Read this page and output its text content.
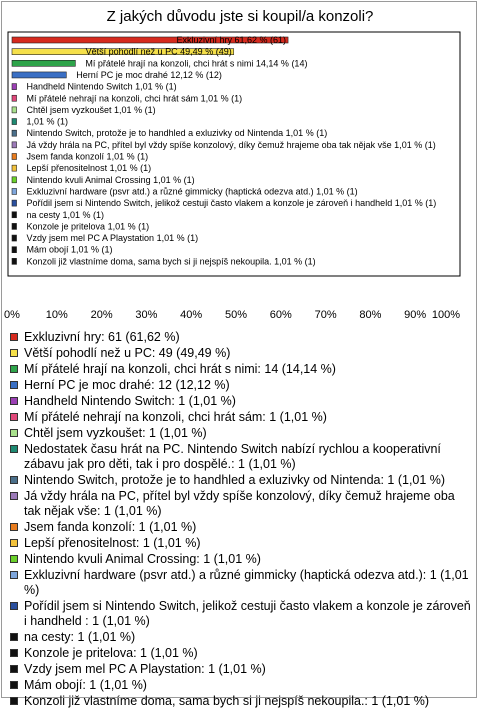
Z jakých důvodu jste si koupil/a konzoli?
Exkluzivní hry 61,62 % (61)
Větší pohodlí než u PC 49,49 % (49)
Mí přátelé hrají na konzoli, chci hrát s nimi 14,14 % (14)
Herní PC je moc drahé 12,12 % (12)
Handheld Nintendo Switch 1,01 % (1)
Mí přátelé nehrají na konzoli, chci hrát sám 1,01 % (1)
Chtěl jsem vyzkoušet 1,01 % (1)
1,01 % (1)
Nintendo Switch, protože je to handhled a exluzivky od Nintenda 1,01 % (1)
Já vždy hrála na PC, přítel byl vždy spíše konzolový, díky čemuž hrajeme oba tak nějak vše 1,01 % (1)
Jsem fanda konzolí 1,01 % (1)
Lepší přenositelnost 1,01 % (1)
Nintendo kvuli Animal Crossing 1,01 % (1)
Exkluzivní hardware (psvr atd.) a různé gimmicky (haptická odezva atd.) 1,01 % (1)
Pořídil jsem si Nintendo Switch, jelikož cestuji často vlakem a konzole je zároveň i handheld 1,01 % (1)
na cesty 1,01 % (1)
Konzole je pritelova 1,01 % (1)
Vzdy jsem mel PC A Playstation 1,01 % (1)
Mám obojí 1,01 % (1)
Konzoli již vlastníme doma, sama bych si ji nejspíš nekoupila. 1,01 % (1)
0% 10% 20% 30% 40% 50% 60% 70% 80% 90% 100%
Exkluzivní hry: 61 (61,62 %)
Větší pohodlí než u PC: 49 (49,49 %)
Mí přátelé hrají na konzoli, chci hrát s nimi: 14 (14,14 %)
Herní PC je moc drahé: 12 (12,12 %)
Handheld Nintendo Switch: 1 (1,01 %)
Mí přátelé nehrají na konzoli, chci hrát sám: 1 (1,01 %)
Chtěl jsem vyzkoušet: 1 (1,01 %)
Nedostatek času hrát na PC. Nintendo Switch nabízí rychlou a kooperativní zábavu jak pro děti, tak i pro dospělé.: 1 (1,01 %)
Nintendo Switch, protože je to handhled a exluzivky od Nintenda: 1 (1,01 %)
Já vždy hrála na PC, přítel byl vždy spíše konzolový, díky čemuž hrajeme oba tak nějak vše: 1 (1,01 %)
Jsem fanda konzolí: 1 (1,01 %)
Lepší přenositelnost: 1 (1,01 %)
Nintendo kvuli Animal Crossing: 1 (1,01 %)
Exkluzivní hardware (psvr atd.) a různé gimmicky (haptická odezva atd.): 1 (1,01 %)
Pořídil jsem si Nintendo Switch, jelikož cestuji často vlakem a konzole je zároveň i handheld : 1 (1,01 %)
na cesty: 1 (1,01 %)
Konzole je pritelova: 1 (1,01 %)
Vzdy jsem mel PC A Playstation: 1 (1,01 %)
Mám obojí: 1 (1,01 %)
Konzoli již vlastníme doma, sama bych si ji nejspíš nekoupila.: 1 (1,01 %)
